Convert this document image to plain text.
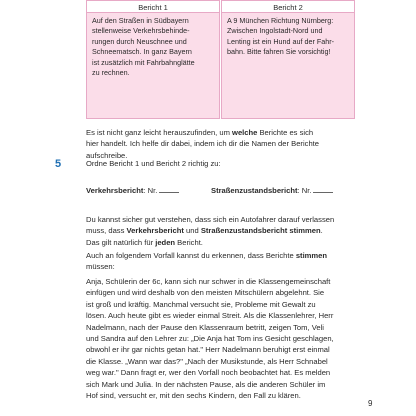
Bericht 1	Bericht 2
Auf den Straßen in Südbayern
stellenweise Verkehrsbehinde-
rungen durch Neuschnee und
Schneematsch. In ganz Bayern
ist zusätzlich mit Fahrbahnglätte
zu rechnen.
A 9 München Richtung Nürnberg:
Zwischen Ingolstadt-Nord und
Lenting ist ein Hund auf der Fahr-
bahn. Bitte fahren Sie vorsichtig!
Es ist nicht ganz leicht herauszufinden, um welche Berichte es sich
hier handelt. Ich helfe dir dabei, indem ich dir die Namen der Berichte
aufschreibe.
5	Ordne Bericht 1 und Bericht 2 richtig zu:
Verkehrsbericht: Nr.	Straßenzustandsbericht: Nr.
Du kannst sicher gut verstehen, dass sich ein Autofahrer darauf verlassen
muss, dass Verkehrsbericht und Straßenzustandsbericht stimmen.
Das gilt natürlich für jeden Bericht.
Auch an folgendem Vorfall kannst du erkennen, dass Berichte stimmen
müssen:
Anja, Schülerin der 6c, kann sich nur schwer in die Klassengemeinschaft
einfügen und wird deshalb von den meisten Mitschülern abgelehnt. Sie
ist groß und kräftig. Manchmal versucht sie, Probleme mit Gewalt zu
lösen. Auch heute gibt es wieder einmal Streit. Als die Klassenlehrer, Herr
Nadelmann, nach der Pause den Klassenraum betritt, zeigen Tom, Veli
und Sandra auf den Lehrer zu: „Die Anja hat Tom ins Gesicht geschlagen,
obwohl er ihr gar nichts getan hat." Herr Nadelmann beruhigt erst einmal
die Klasse. „Wann war das?" „Nach der Musikstunde, als Herr Schnabel
weg war." Dann fragt er, wer den Vorfall noch beobachtet hat. Es melden
sich Mark und Julia. In der nächsten Pause, als die anderen Schüler im
Hof sind, versucht er, mit den sechs Kindern, den Fall zu klären.
9
